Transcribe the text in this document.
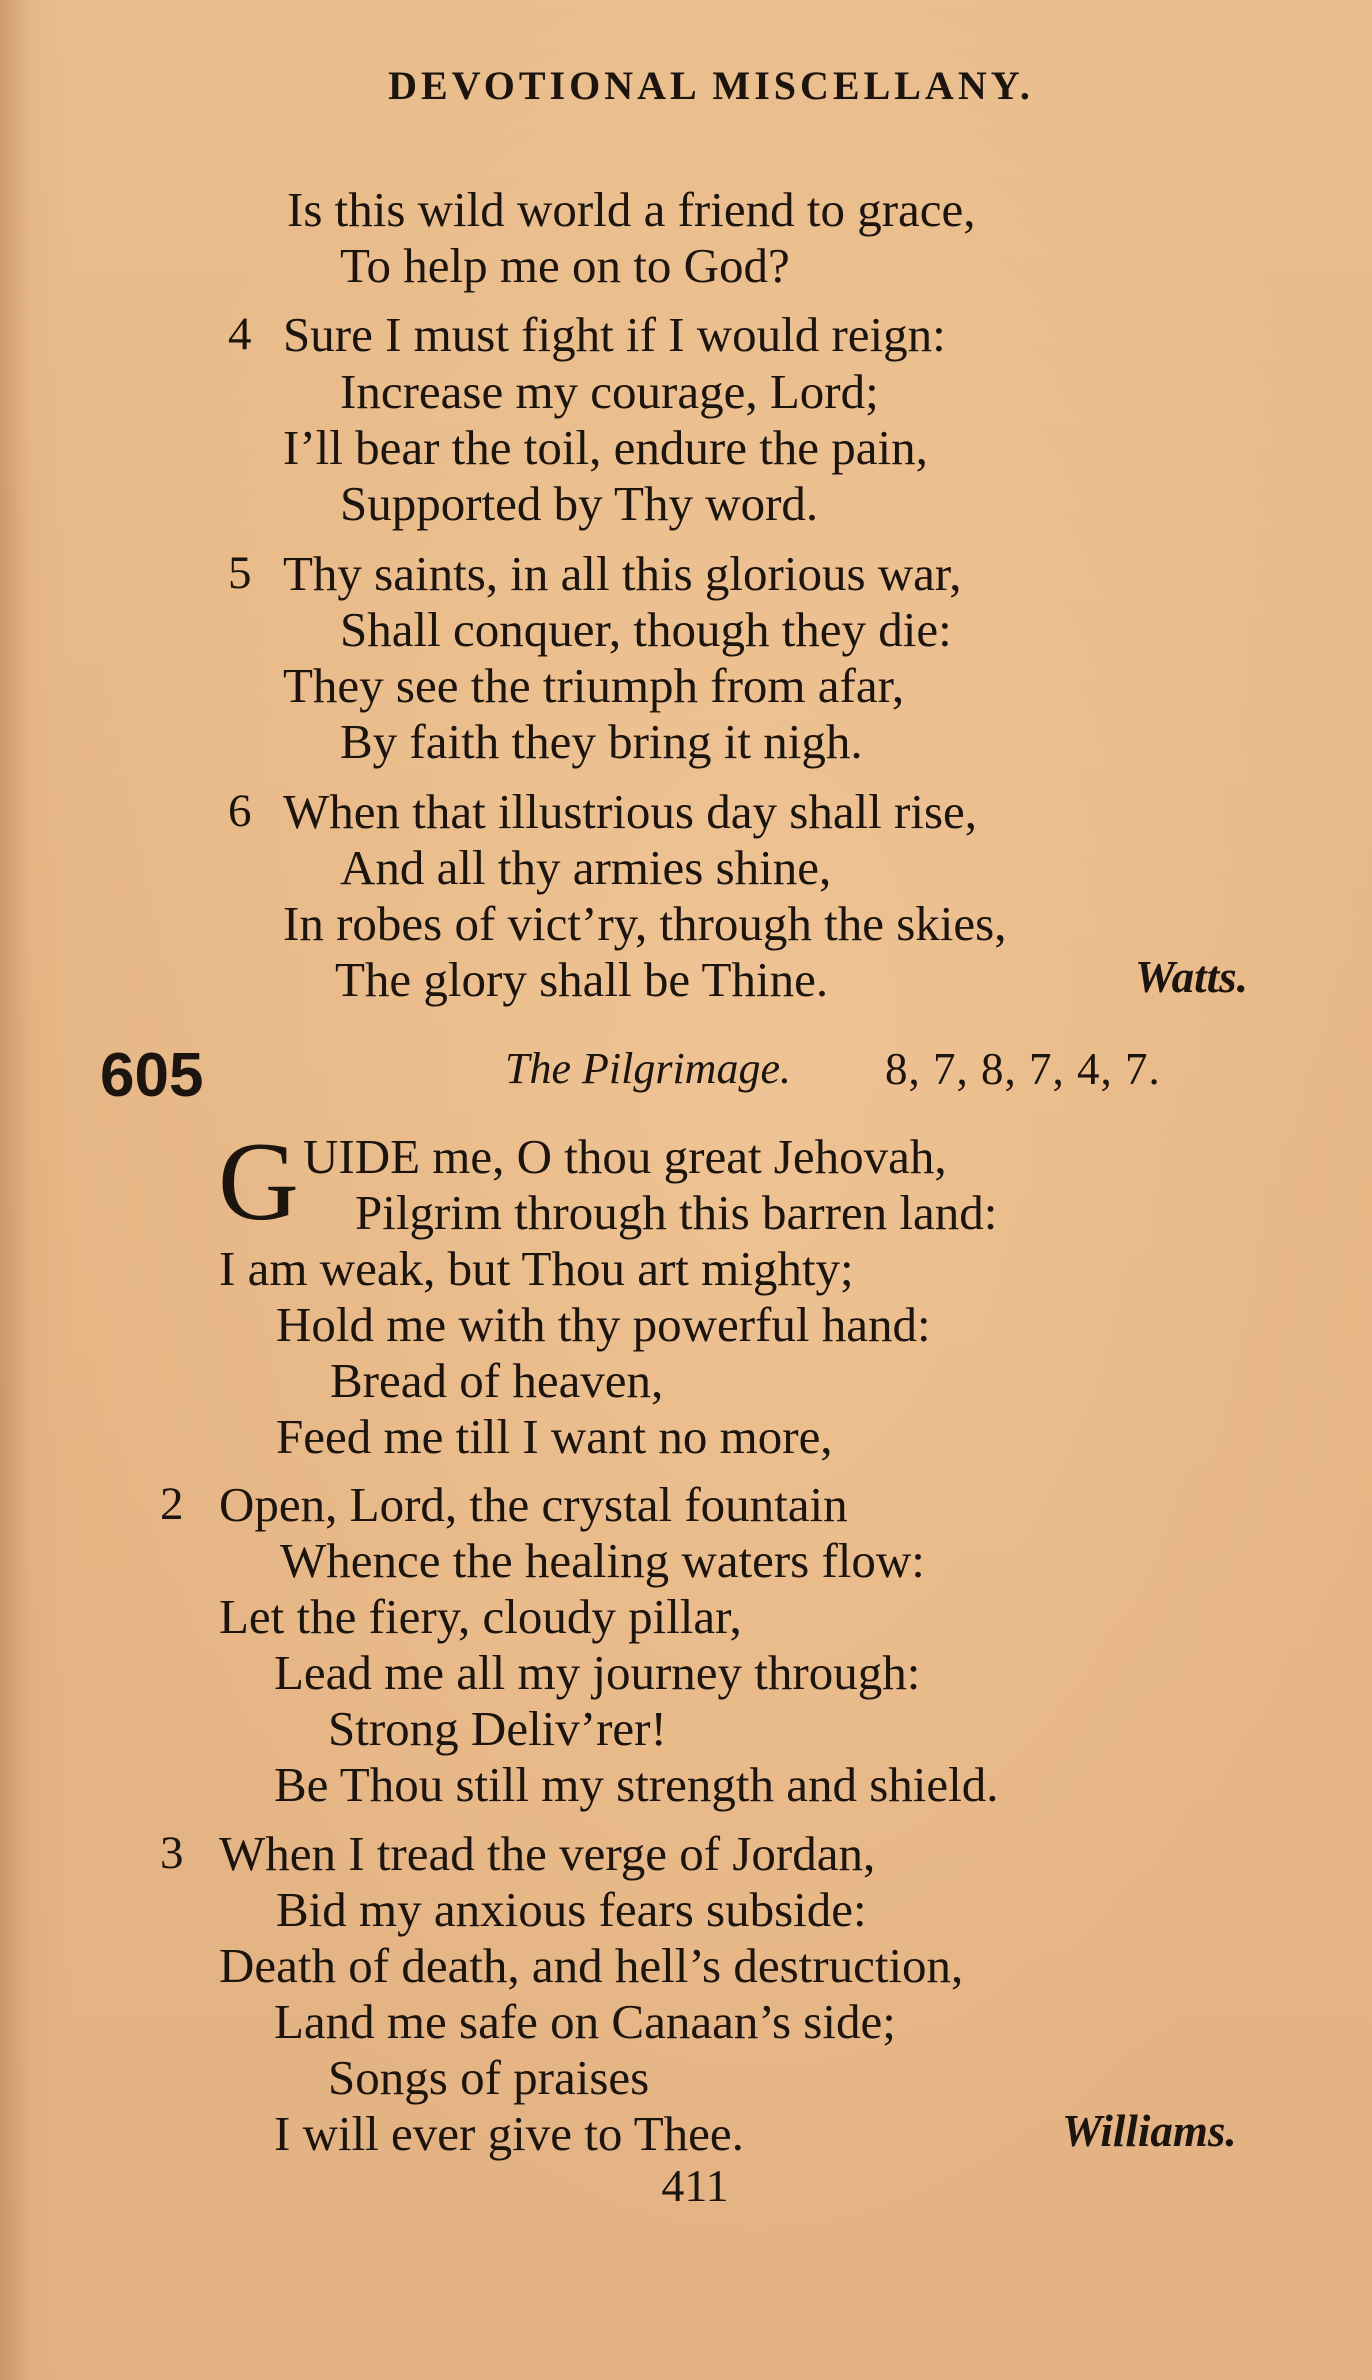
DEVOTIONAL MISCELLANY.
Is this wild world a friend to grace,
To help me on to God?
4 Sure I must fight if I would reign:
Increase my courage, Lord;
I’ll bear the toil, endure the pain,
Supported by Thy word.
5 Thy saints, in all this glorious war,
Shall conquer, though they die:
They see the triumph from afar,
By faith they bring it nigh.
6 When that illustrious day shall rise,
And all thy armies shine,
In robes of vict’ry, through the skies,
The glory shall be Thine.	Watts.
605	The Pilgrimage. 8, 7, 8, 7, 4, 7.
G UIDE me, O thou great Jehovah,
Pilgrim through this barren land:
I am weak, but Thou art mighty;
Hold me with thy powerful hand:
Bread of heaven,
Feed me till I want no more,
2 Open, Lord, the crystal fountain
Whence the healing waters flow:
Let the fiery, cloudy pillar,
Lead me all my journey through:
Strong Deliv’rer!
Be Thou still my strength and shield.
3 When I tread the verge of Jordan,
Bid my anxious fears subside:
Death of death, and hell’s destruction,
Land me safe on Canaan’s side;
Songs of praises
I will ever give to Thee.	Williams.
411
